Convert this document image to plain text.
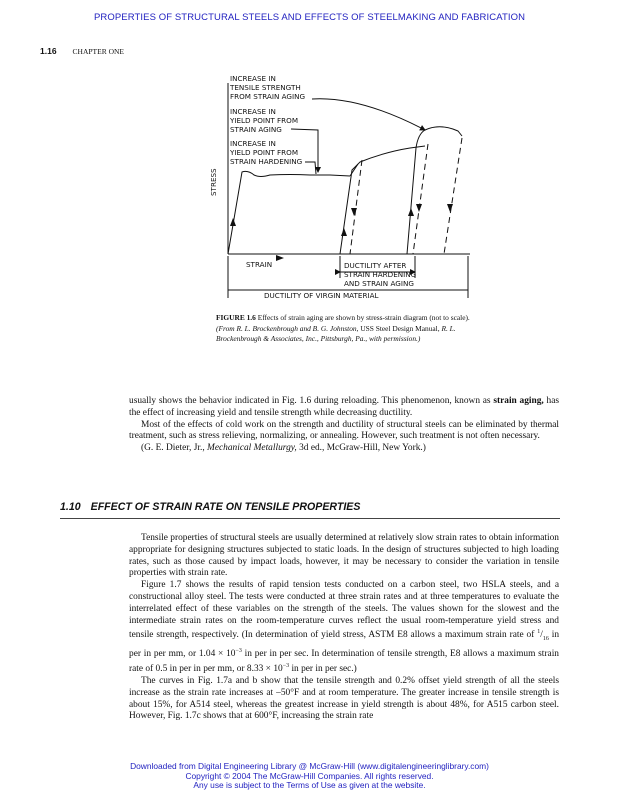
PROPERTIES OF STRUCTURAL STEELS AND EFFECTS OF STEELMAKING AND FABRICATION
1.16 CHAPTER ONE
INCREASE IN
TENSILE STRENGTH
FROM STRAIN AGING
INCREASE IN
YIELD POINT FROM
STRAIN AGING
INCREASE IN
YIELD POINT FROM
STRAIN HARDENING
STRESS
STRAIN	DUCTILITY AFTER
STRAIN HARDENING
AND STRAIN AGING
DUCTILITY OF VIRGIN MATERIAL
FIGURE 1.6 Effects of strain aging are shown by stress-strain diagram (not to scale). (From R. L. Brockenbrough and B. G. Johnston, USS Steel Design Manual, R. L. Brockenbrough & Associates, Inc., Pittsburgh, Pa., with permission.)

usually shows the behavior indicated in Fig. 1.6 during reloading. This phenomenon, known as strain aging, has the effect of increasing yield and tensile strength while decreasing ductility.

Most of the effects of cold work on the strength and ductility of structural steels can be eliminated by thermal treatment, such as stress relieving, normalizing, or annealing. However, such treatment is not often necessary.

(G. E. Dieter, Jr., Mechanical Metallurgy, 3d ed., McGraw-Hill, New York.)

1.10 EFFECT OF STRAIN RATE ON TENSILE PROPERTIES

Tensile properties of structural steels are usually determined at relatively slow strain rates to obtain information appropriate for designing structures subjected to static loads. In the design of structures subjected to high loading rates, such as those caused by impact loads, however, it may be necessary to consider the variation in tensile properties with strain rate.

Figure 1.7 shows the results of rapid tension tests conducted on a carbon steel, two HSLA steels, and a constructional alloy steel. The tests were conducted at three strain rates and at three temperatures to evaluate the interrelated effect of these variables on the strength of the steels. The values shown for the slowest and the intermediate strain rates on the room-temperature curves reflect the usual room-temperature yield stress and tensile strength, respectively. (In determination of yield stress, ASTM E8 allows a maximum strain rate of $^1/_{16}$ in per in per mm, or $1.04 \times 10^{-3}$ in per in per sec. In determination of tensile strength, E8 allows a maximum strain rate of 0.5 in per in per mm, or $8.33 \times 10^{-3}$ in per in per sec.)

The curves in Fig. 1.7a and b show that the tensile strength and 0.2% offset yield strength of all the steels increase as the strain rate increases at –50°F and at room temperature. The greater increase in tensile strength is about 15%, for A514 steel, whereas the greatest increase in yield strength is about 48%, for A515 carbon steel. However, Fig. 1.7c shows that at 600°F, increasing the strain rate

Downloaded from Digital Engineering Library @ McGraw-Hill (www.digitalengineeringlibrary.com)
Copyright © 2004 The McGraw-Hill Companies. All rights reserved.
Any use is subject to the Terms of Use as given at the website.
